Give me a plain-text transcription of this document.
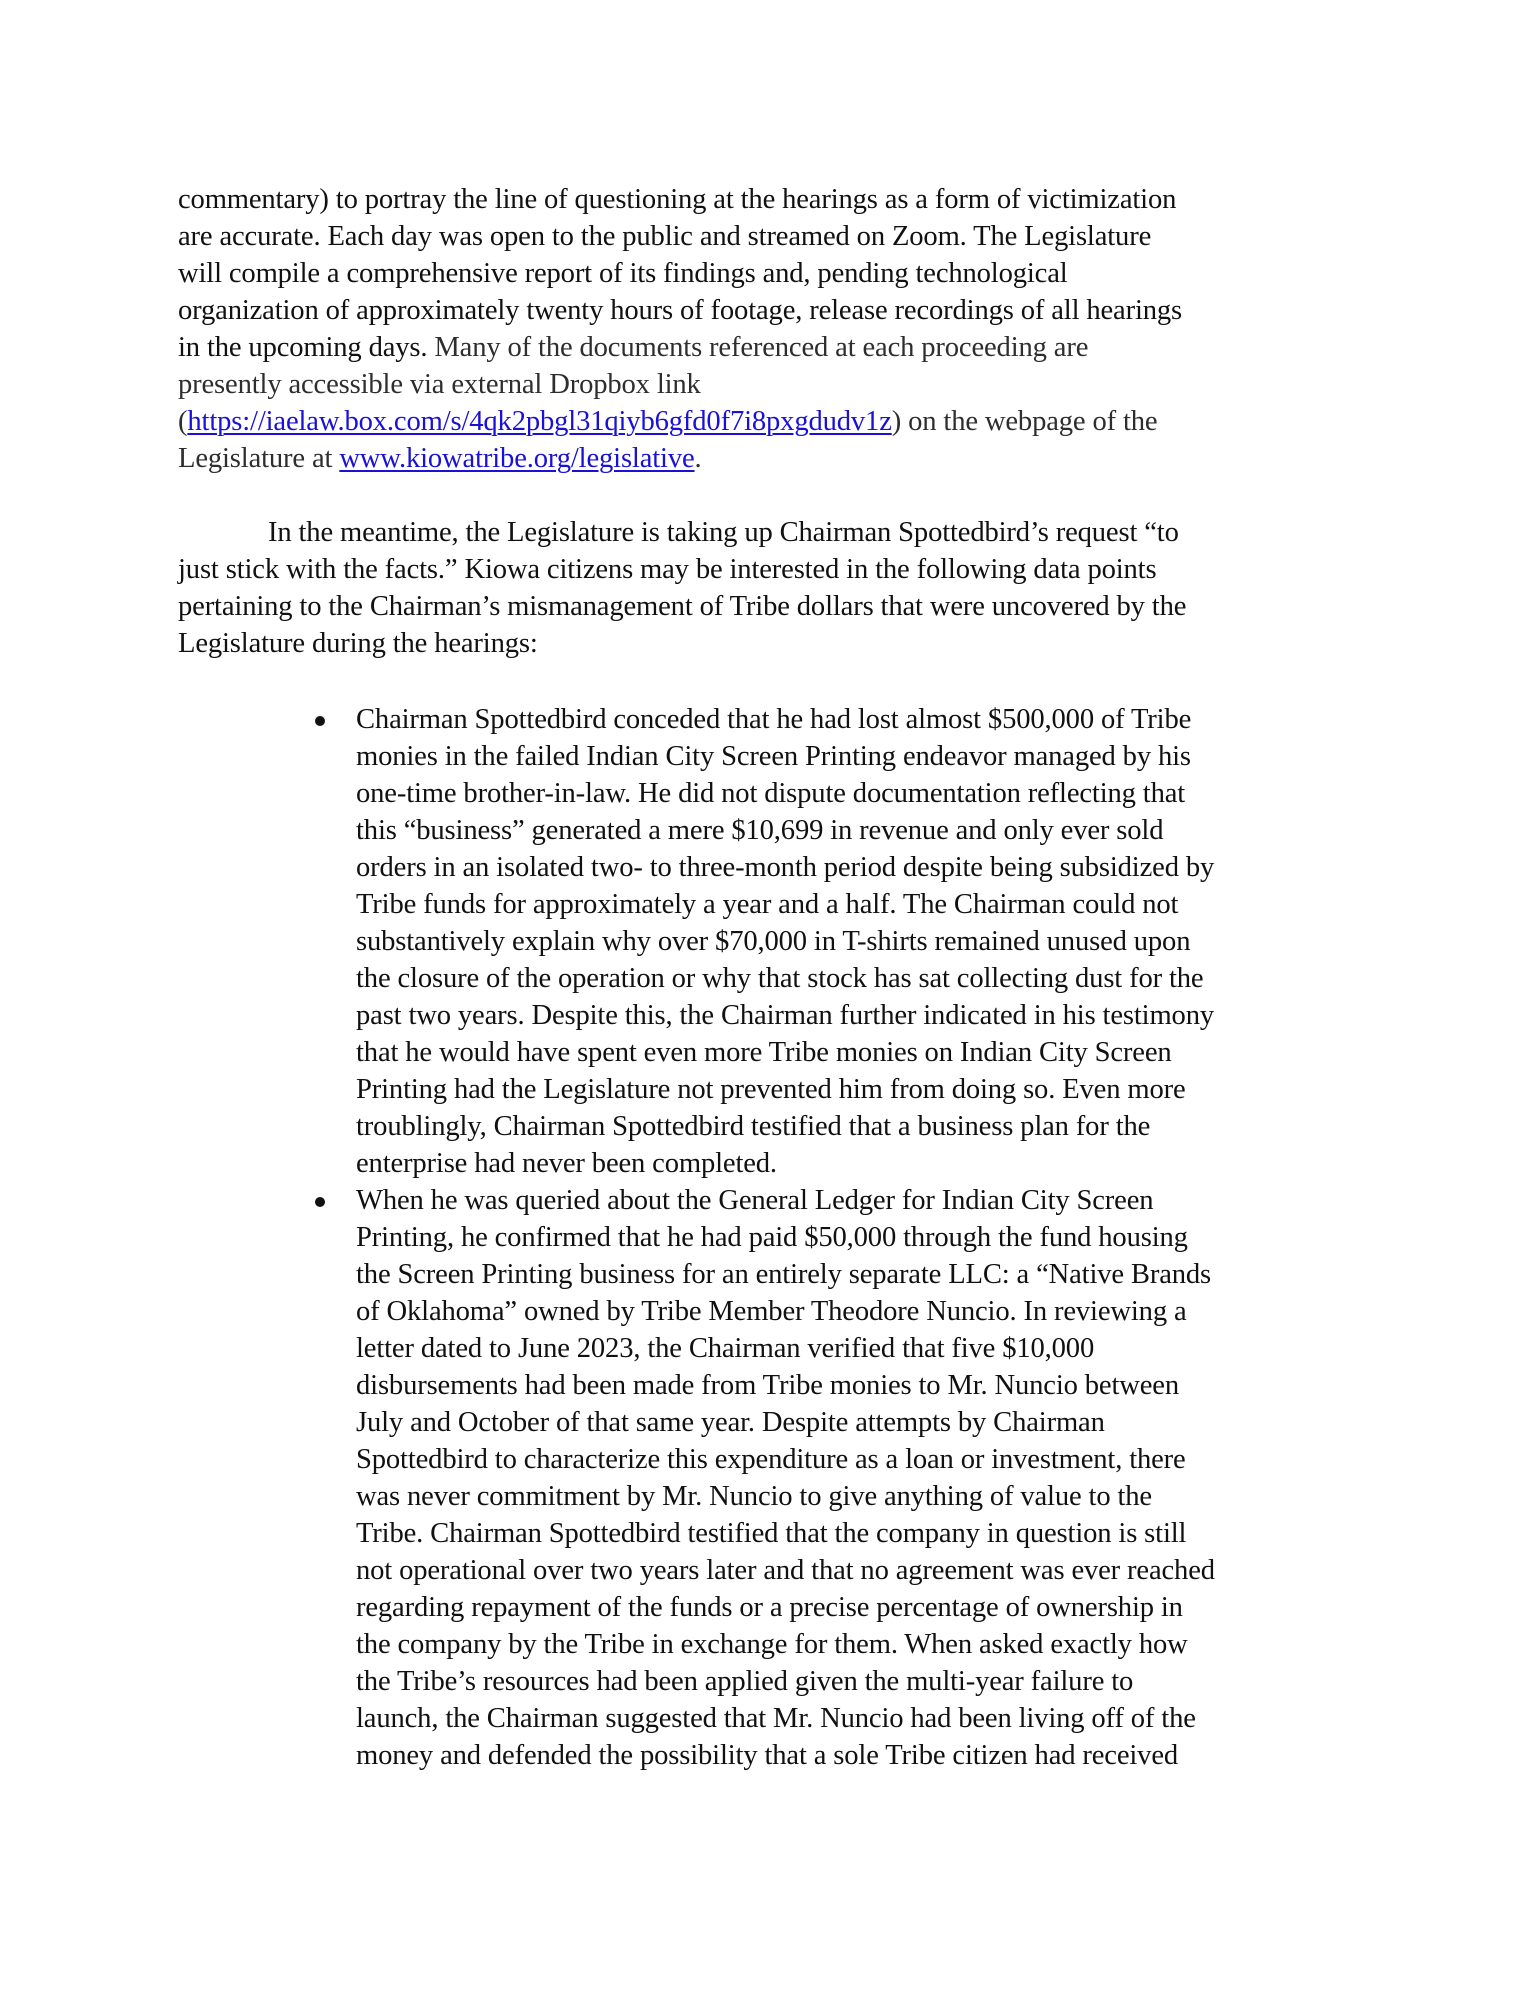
commentary) to portray the line of questioning at the hearings as a form of victimization
are accurate. Each day was open to the public and streamed on Zoom. The Legislature
will compile a comprehensive report of its findings and, pending technological
organization of approximately twenty hours of footage, release recordings of all hearings
in the upcoming days. Many of the documents referenced at each proceeding are
presently accessible via external Dropbox link
(https://iaelaw.box.com/s/4qk2pbgl31qiyb6gfd0f7i8pxgdudv1z) on the webpage of the
Legislature at www.kiowatribe.org/legislative.
In the meantime, the Legislature is taking up Chairman Spottedbird’s request “to
just stick with the facts.” Kiowa citizens may be interested in the following data points
pertaining to the Chairman’s mismanagement of Tribe dollars that were uncovered by the
Legislature during the hearings:
Chairman Spottedbird conceded that he had lost almost $500,000 of Tribe
monies in the failed Indian City Screen Printing endeavor managed by his
one-time brother-in-law. He did not dispute documentation reflecting that
this “business” generated a mere $10,699 in revenue and only ever sold
orders in an isolated two- to three-month period despite being subsidized by
Tribe funds for approximately a year and a half. The Chairman could not
substantively explain why over $70,000 in T-shirts remained unused upon
the closure of the operation or why that stock has sat collecting dust for the
past two years. Despite this, the Chairman further indicated in his testimony
that he would have spent even more Tribe monies on Indian City Screen
Printing had the Legislature not prevented him from doing so. Even more
troublingly, Chairman Spottedbird testified that a business plan for the
enterprise had never been completed.
When he was queried about the General Ledger for Indian City Screen
Printing, he confirmed that he had paid $50,000 through the fund housing
the Screen Printing business for an entirely separate LLC: a “Native Brands
of Oklahoma” owned by Tribe Member Theodore Nuncio. In reviewing a
letter dated to June 2023, the Chairman verified that five $10,000
disbursements had been made from Tribe monies to Mr. Nuncio between
July and October of that same year. Despite attempts by Chairman
Spottedbird to characterize this expenditure as a loan or investment, there
was never commitment by Mr. Nuncio to give anything of value to the
Tribe. Chairman Spottedbird testified that the company in question is still
not operational over two years later and that no agreement was ever reached
regarding repayment of the funds or a precise percentage of ownership in
the company by the Tribe in exchange for them. When asked exactly how
the Tribe’s resources had been applied given the multi-year failure to
launch, the Chairman suggested that Mr. Nuncio had been living off of the
money and defended the possibility that a sole Tribe citizen had received
